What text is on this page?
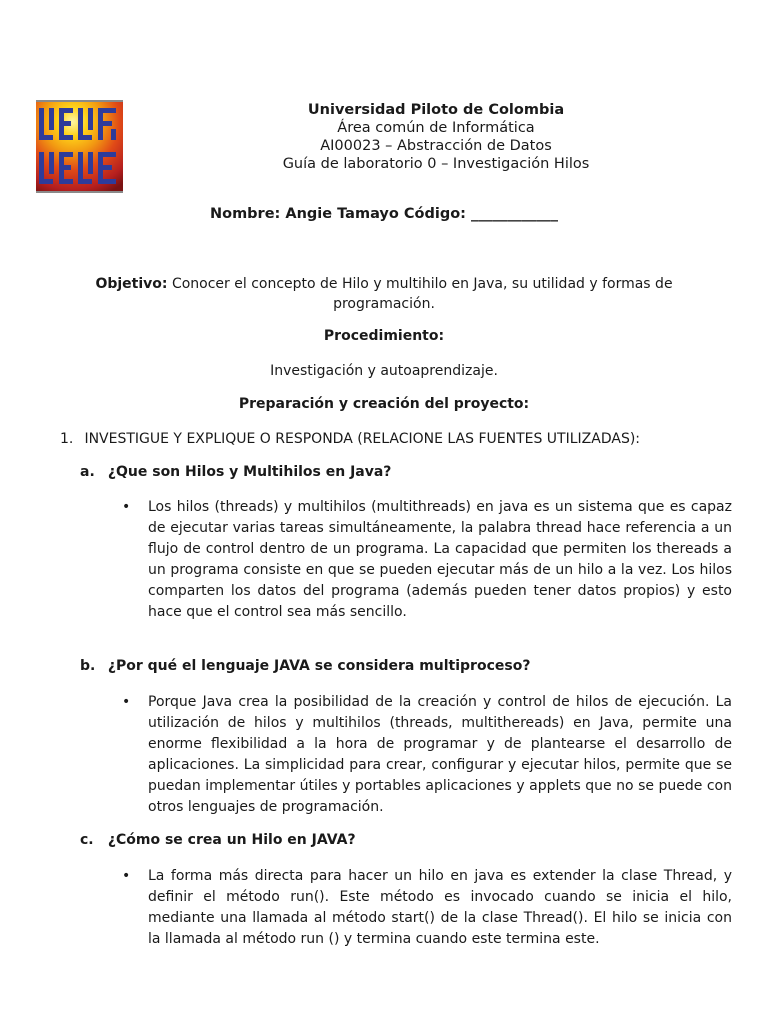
Universidad Piloto de Colombia
Área común de Informática
AI00023 – Abstracción de Datos
Guía de laboratorio 0 – Investigación Hilos
Nombre: Angie Tamayo Código: ____________
Objetivo: Conocer el concepto de Hilo y multihilo en Java, su utilidad y formas de programación.
Procedimiento:
Investigación y autoaprendizaje.
Preparación y creación del proyecto:
1. INVESTIGUE Y EXPLIQUE O RESPONDA (RELACIONE LAS FUENTES UTILIZADAS):
a. ¿Que son Hilos y Multihilos en Java?
•	Los hilos (threads) y multihilos (multithreads) en java es un sistema que es capaz de ejecutar varias tareas simultáneamente, la palabra thread hace referencia a un flujo de control dentro de un programa. La capacidad que permiten los thereads a un programa consiste en que se pueden ejecutar más de un hilo a la vez. Los hilos comparten los datos del programa (además pueden tener datos propios) y esto hace que el control sea más sencillo.
b. ¿Por qué el lenguaje JAVA se considera multiproceso?
•	Porque Java crea la posibilidad de la creación y control de hilos de ejecución. La utilización de hilos y multihilos (threads, multithereads) en Java, permite una enorme flexibilidad a la hora de programar y de plantearse el desarrollo de aplicaciones. La simplicidad para crear, configurar y ejecutar hilos, permite que se puedan implementar útiles y portables aplicaciones y applets que no se puede con otros lenguajes de programación.
c. ¿Cómo se crea un Hilo en JAVA?
•	La forma más directa para hacer un hilo en java es extender la clase Thread, y definir el método run(). Este método es invocado cuando se inicia el hilo, mediante una llamada al método start() de la clase Thread(). El hilo se inicia con la llamada al método run () y termina cuando este termina este.
